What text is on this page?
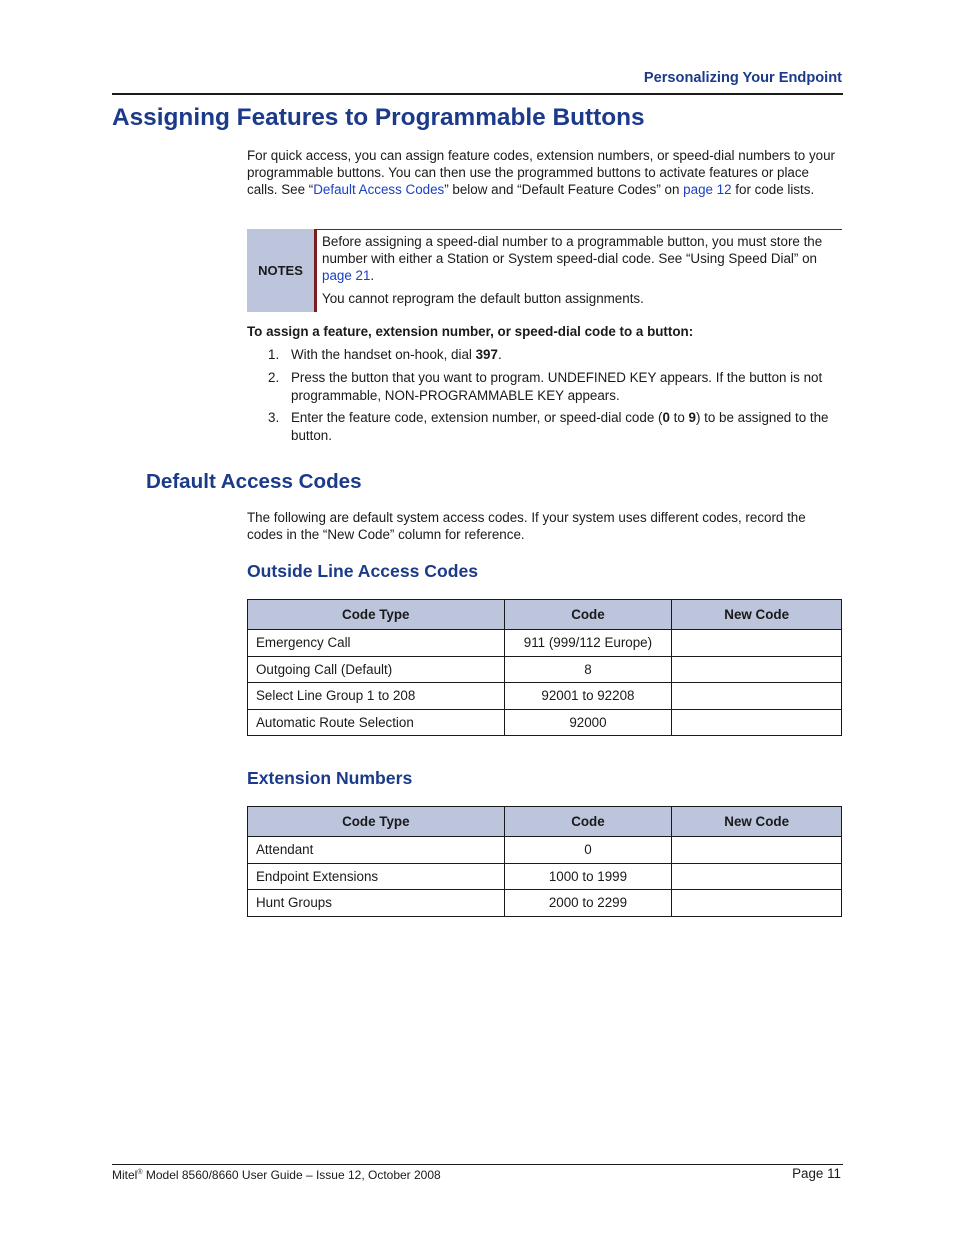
Personalizing Your Endpoint
Assigning Features to Programmable Buttons
For quick access, you can assign feature codes, extension numbers, or speed-dial numbers to your programmable buttons. You can then use the programmed buttons to activate features or place calls. See “Default Access Codes” below and “Default Feature Codes” on page 12 for code lists.
NOTES
Before assigning a speed-dial number to a programmable button, you must store the number with either a Station or System speed-dial code. See “Using Speed Dial” on page 21.
You cannot reprogram the default button assignments.
To assign a feature, extension number, or speed-dial code to a button:
1. With the handset on-hook, dial 397.
2. Press the button that you want to program. UNDEFINED KEY appears. If the button is not programmable, NON-PROGRAMMABLE KEY appears.
3. Enter the feature code, extension number, or speed-dial code (0 to 9) to be assigned to the button.
Default Access Codes
The following are default system access codes. If your system uses different codes, record the codes in the “New Code” column for reference.
Outside Line Access Codes
Code Type	Code	New Code
Emergency Call	911 (999/112 Europe)	
Outgoing Call (Default)	8	
Select Line Group 1 to 208	92001 to 92208	
Automatic Route Selection	92000	
Extension Numbers
Code Type	Code	New Code
Attendant	0	
Endpoint Extensions	1000 to 1999	
Hunt Groups	2000 to 2299	
Mitel® Model 8560/8660 User Guide – Issue 12, October 2008	Page 11
